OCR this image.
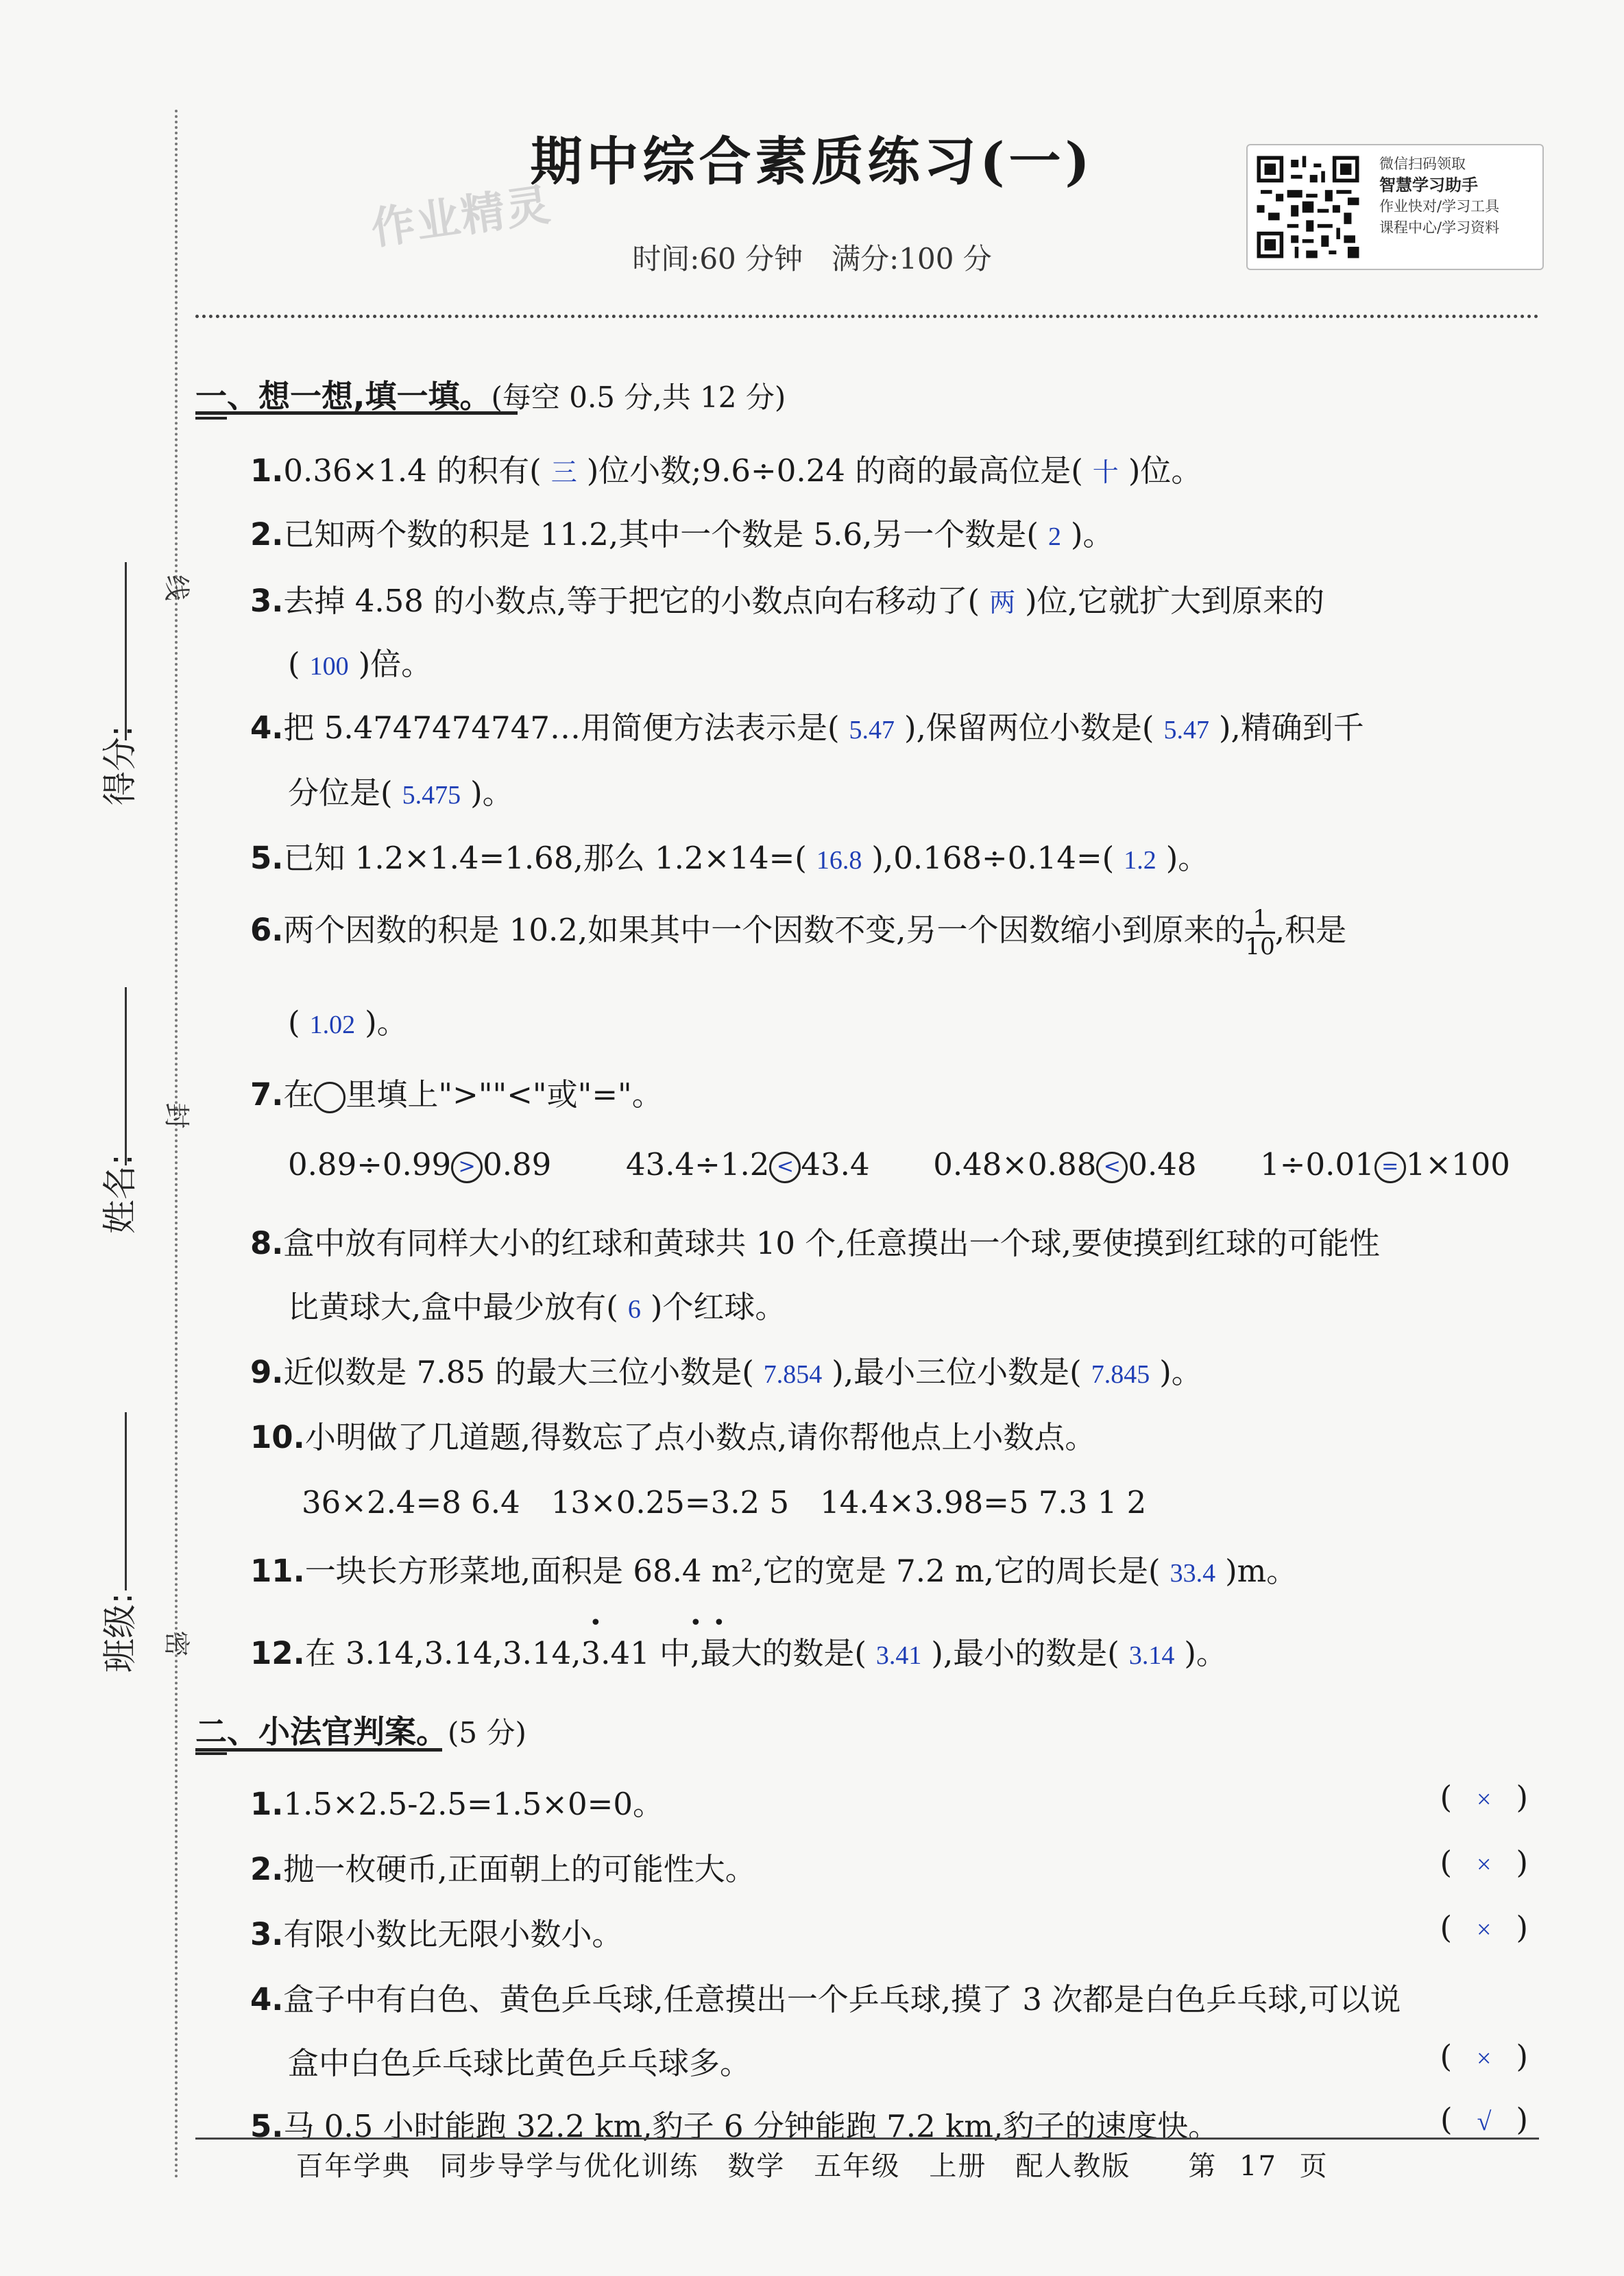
期中综合素质练习(一)
时间:60 分钟　满分:100 分
作业精灵
微信扫码领取
智慧学习助手
作业快对/学习工具
课程中心/学习资料
得分:
姓名:
班级:
线
封
密
一、想一想,填一填。(每空 0.5 分,共 12 分)
1.0.36×1.4 的积有( 三 )位小数;9.6÷0.24 的商的最高位是( 十 )位。
2.已知两个数的积是 11.2,其中一个数是 5.6,另一个数是( 2 )。
3.去掉 4.58 的小数点,等于把它的小数点向右移动了( 两 )位,它就扩大到原来的
( 100 )倍。
4.把 5.4747474747…用简便方法表示是( 5.47 ),保留两位小数是( 5.47 ),精确到千
分位是( 5.475 )。
5.已知 1.2×1.4=1.68,那么 1.2×14=( 16.8 ),0.168÷0.14=( 1.2 )。
6.两个因数的积是 10.2,如果其中一个因数不变,另一个因数缩小到原来的 $\frac{1}{10}$ ,积是
( 1.02 )。
7.在 里填上">""<"或"="。
0.89÷0.99 > 0.89 43.4÷1.2 < 43.4 0.48×0.88 < 0.48 1÷0.01 = 1×100
8.盒中放有同样大小的红球和黄球共 10 个,任意摸出一个球,要使摸到红球的可能性
比黄球大,盒中最少放有( 6 )个红球。
9.近似数是 7.85 的最大三位小数是( 7.854 ),最小三位小数是( 7.845 )。
10.小明做了几道题,得数忘了点小数点,请你帮他点上小数点。
36×2.4=8 6.4　13×0.25=3.2 5　14.4×3.98=5 7.3 1 2
11.一块长方形菜地,面积是 68.4 m²,它的宽是 7.2 m,它的周长是( 33.4 )m。
12.在 3.14,3.14,3.14,3.41 中,最大的数是( 3.41 ),最小的数是( 3.14 )。
•	• •
二、小法官判案。(5 分)
1.1.5×2.5-2.5=1.5×0=0。	( × )
2.抛一枚硬币,正面朝上的可能性大。	( × )
3.有限小数比无限小数小。	( × )
4.盒子中有白色、黄色乒乓球,任意摸出一个乒乓球,摸了 3 次都是白色乒乓球,可以说
盒中白色乒乓球比黄色乒乓球多。	( × )
5.马 0.5 小时能跑 32.2 km,豹子 6 分钟能跑 7.2 km,豹子的速度快。	( √ )
百年学典　同步导学与优化训练　数学　五年级　上册　配人教版　　第 17 页
